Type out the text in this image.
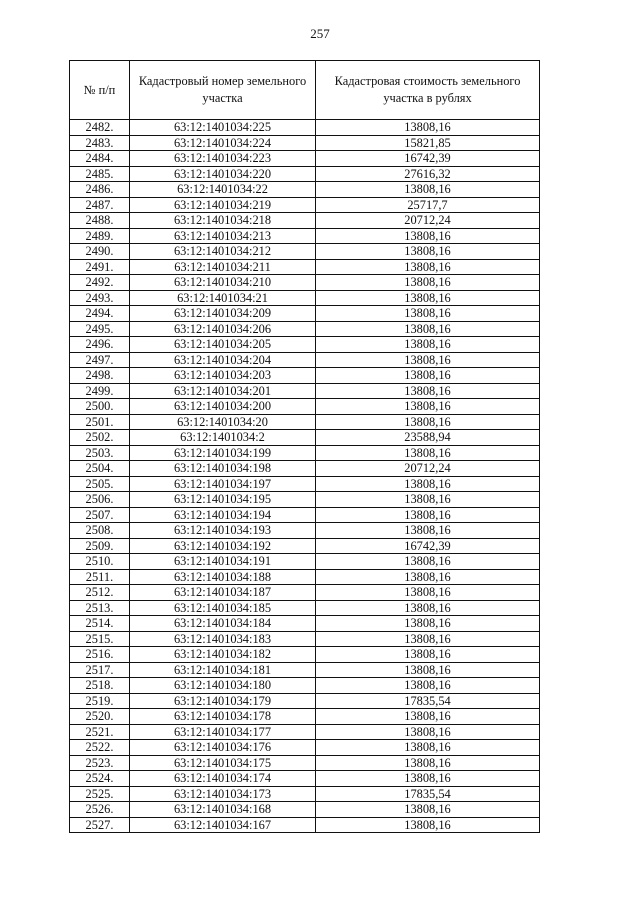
257
№ п/п	Кадастровый номер земельного участка	Кадастровая стоимость земельного участка в рублях
2482.	63:12:1401034:225	13808,16
2483.	63:12:1401034:224	15821,85
2484.	63:12:1401034:223	16742,39
2485.	63:12:1401034:220	27616,32
2486.	63:12:1401034:22	13808,16
2487.	63:12:1401034:219	25717,7
2488.	63:12:1401034:218	20712,24
2489.	63:12:1401034:213	13808,16
2490.	63:12:1401034:212	13808,16
2491.	63:12:1401034:211	13808,16
2492.	63:12:1401034:210	13808,16
2493.	63:12:1401034:21	13808,16
2494.	63:12:1401034:209	13808,16
2495.	63:12:1401034:206	13808,16
2496.	63:12:1401034:205	13808,16
2497.	63:12:1401034:204	13808,16
2498.	63:12:1401034:203	13808,16
2499.	63:12:1401034:201	13808,16
2500.	63:12:1401034:200	13808,16
2501.	63:12:1401034:20	13808,16
2502.	63:12:1401034:2	23588,94
2503.	63:12:1401034:199	13808,16
2504.	63:12:1401034:198	20712,24
2505.	63:12:1401034:197	13808,16
2506.	63:12:1401034:195	13808,16
2507.	63:12:1401034:194	13808,16
2508.	63:12:1401034:193	13808,16
2509.	63:12:1401034:192	16742,39
2510.	63:12:1401034:191	13808,16
2511.	63:12:1401034:188	13808,16
2512.	63:12:1401034:187	13808,16
2513.	63:12:1401034:185	13808,16
2514.	63:12:1401034:184	13808,16
2515.	63:12:1401034:183	13808,16
2516.	63:12:1401034:182	13808,16
2517.	63:12:1401034:181	13808,16
2518.	63:12:1401034:180	13808,16
2519.	63:12:1401034:179	17835,54
2520.	63:12:1401034:178	13808,16
2521.	63:12:1401034:177	13808,16
2522.	63:12:1401034:176	13808,16
2523.	63:12:1401034:175	13808,16
2524.	63:12:1401034:174	13808,16
2525.	63:12:1401034:173	17835,54
2526.	63:12:1401034:168	13808,16
2527.	63:12:1401034:167	13808,16
